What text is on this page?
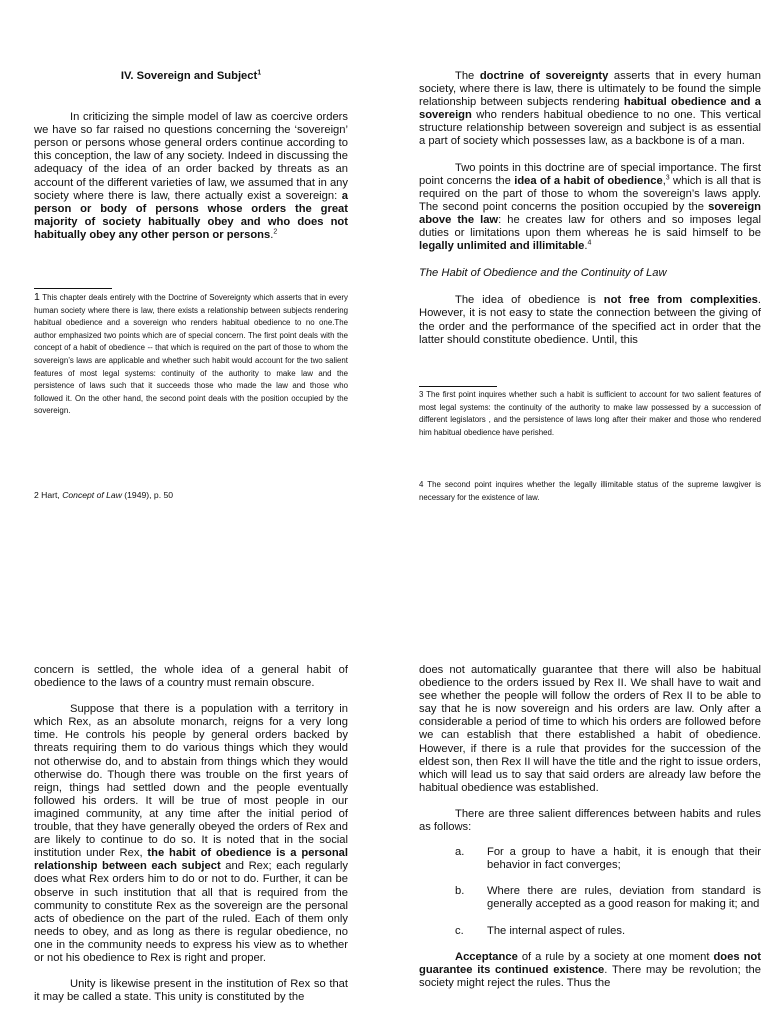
IV. Sovereign and Subject$^1$

In criticizing the simple model of law as coercive orders we have so far raised no questions concerning the ‘sovereign’ person or persons whose general orders continue according to this conception, the law of any society. Indeed in discussing the adequacy of the idea of an order backed by threats as an account of the different varieties of law, we assumed that in any society where there is law, there actually exist a sovereign: a person or body of persons whose orders the great majority of society habitually obey and who does not habitually obey any other person or persons.$^2$

1 This chapter deals entirely with the Doctrine of Sovereignty which asserts that in every human society where there is law, there exists a relationship between subjects rendering habitual obedience and a sovereign who renders habitual obedience to no one.The author emphasized two points which are of special concern. The first point deals with the concept of a habit of obedience -- that which is required on the part of those to whom the sovereign’s laws are applicable and whether such habit would account for the two salient features of most legal systems: continuity of the authority to make law and the persistence of laws such that it succeeds those who made the law and those who followed it. On the other hand, the second point deals with the position occupied by the sovereign.

2 Hart, Concept of Law (1949), p. 50

The doctrine of sovereignty asserts that in every human society, where there is law, there is ultimately to be found the simple relationship between subjects rendering habitual obedience and a sovereign who renders habitual obedience to no one. This vertical structure relationship between sovereign and subject is as essential a part of society which possesses law, as a backbone is of a man.

Two points in this doctrine are of special importance. The first point concerns the idea of a habit of obedience,$^3$ which is all that is required on the part of those to whom the sovereign’s laws apply. The second point concerns the position occupied by the sovereign above the law: he creates law for others and so imposes legal duties or limitations upon them whereas he is said himself to be legally unlimited and illimitable.$^4$

The Habit of Obedience and the Continuity of Law

The idea of obedience is not free from complexities. However, it is not easy to state the connection between the giving of the order and the performance of the specified act in order that the latter should constitute obedience. Until, this

3 The first point inquires whether such a habit is sufficient to account for two salient features of most legal systems: the continuity of the authority to make law possessed by a succession of different legislators , and the persistence of laws long after their maker and those who rendered him habitual obedience have perished.

4 The second point inquires whether the legally illimitable status of the supreme lawgiver is necessary for the existence of law.

concern is settled, the whole idea of a general habit of obedience to the laws of a country must remain obscure.

Suppose that there is a population with a territory in which Rex, as an absolute monarch, reigns for a very long time. He controls his people by general orders backed by threats requiring them to do various things which they would not otherwise do, and to abstain from things which they would otherwise do. Though there was trouble on the first years of reign, things had settled down and the people eventually followed his orders. It will be true of most people in our imagined community, at any time after the initial period of trouble, that they have generally obeyed the orders of Rex and are likely to continue to do so. It is noted that in the social institution under Rex, the habit of obedience is a personal relationship between each subject and Rex; each regularly does what Rex orders him to do or not to do. Further, it can be observe in such institution that all that is required from the community to constitute Rex as the sovereign are the personal acts of obedience on the part of the ruled. Each of them only needs to obey, and as long as there is regular obedience, no one in the community needs to express his view as to whether or not his obedience to Rex is right and proper.

Unity is likewise present in the institution of Rex so that it may be called a state. This unity is constituted by the

does not automatically guarantee that there will also be habitual obedience to the orders issued by Rex II. We shall have to wait and see whether the people will follow the orders of Rex II to be able to say that he is now sovereign and his orders are law. Only after a considerable a period of time to which his orders are followed before we can establish that there established a habit of obedience. However, if there is a rule that provides for the succession of the eldest son, then Rex II will have the title and the right to issue orders, which will lead us to say that said orders are already law before the habitual obedience was established.

There are three salient differences between habits and rules as follows:

a. For a group to have a habit, it is enough that their behavior in fact converges;
b. Where there are rules, deviation from standard is generally accepted as a good reason for making it; and
c. The internal aspect of rules.

Acceptance of a rule by a society at one moment does not guarantee its continued existence. There may be revolution; the society might reject the rules. Thus the
